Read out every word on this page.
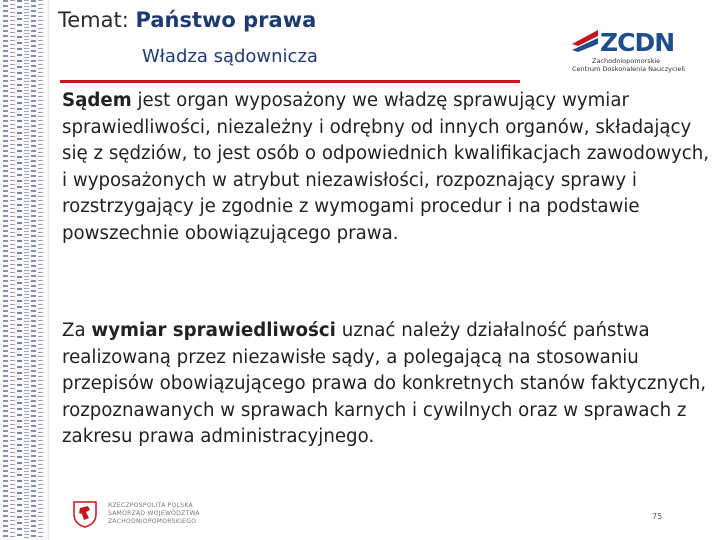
Temat: Państwo prawa
Władza sądownicza	ZCDN
Zachodniopomorskie
Centrum Doskonalenia Nauczycieli
Sądem jest organ wyposażony we władzę sprawujący wymiar sprawiedliwości, niezależny i odrębny od innych organów, składający się z sędziów, to jest osób o odpowiednich kwalifikacjach zawodowych, i wyposażonych w atrybut niezawisłości, rozpoznający sprawy i rozstrzygający je zgodnie z wymogami procedur i na podstawie powszechnie obowiązującego prawa.
Za wymiar sprawiedliwości uznać należy działalność państwa realizowaną przez niezawisłe sądy, a polegającą na stosowaniu przepisów obowiązującego prawa do konkretnych stanów faktycznych, rozpoznawanych w sprawach karnych i cywilnych oraz w sprawach z zakresu prawa administracyjnego.
RZECZPOSPOLITA POLSKA
SAMORZĄD WOJEWÓDZTWA
ZACHODNIOPOMORSKIEGO
75
